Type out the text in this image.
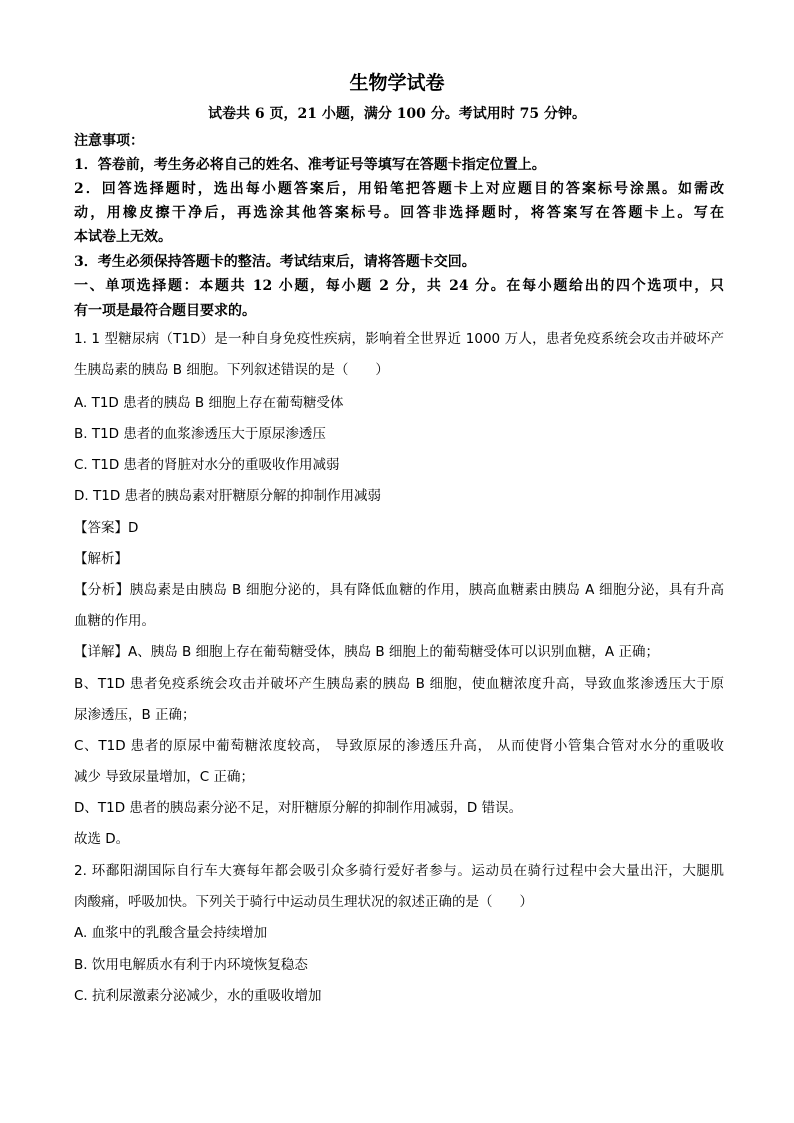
生物学试卷
试卷共 6 页，21 小题，满分 100 分。考试用时 75 分钟。
注意事项：
1．答卷前，考生务必将自己的姓名、准考证号等填写在答题卡指定位置上。
2．回答选择题时，选出每小题答案后，用铅笔把答题卡上对应题目的答案标号涂黑。如需改
动，用橡皮擦干净后，再选涂其他答案标号。回答非选择题时，将答案写在答题卡上。写在
本试卷上无效。
3．考生必须保持答题卡的整洁。考试结束后，请将答题卡交回。
一、单项选择题：本题共 12 小题，每小题 2 分，共 24 分。在每小题给出的四个选项中，只
有一项是最符合题目要求的。
1. 1 型糖尿病（T1D）是一种自身免疫性疾病，影响着全世界近 1000 万人，患者免疫系统会攻击并破坏产
生胰岛素的胰岛 B 细胞。下列叙述错误的是（　　）
A. T1D 患者的胰岛 B 细胞上存在葡萄糖受体
B. T1D 患者的血浆渗透压大于原尿渗透压
C. T1D 患者的肾脏对水分的重吸收作用减弱
D. T1D 患者的胰岛素对肝糖原分解的抑制作用减弱
【答案】D
【解析】
【分析】胰岛素是由胰岛 B 细胞分泌的，具有降低血糖的作用，胰高血糖素由胰岛 A 细胞分泌，具有升高
血糖的作用。
【详解】A、胰岛 B 细胞上存在葡萄糖受体，胰岛 B 细胞上的葡萄糖受体可以识别血糖，A 正确；
B、T1D 患者免疫系统会攻击并破坏产生胰岛素的胰岛 B 细胞，使血糖浓度升高，导致血浆渗透压大于原
尿渗透压，B 正确；
C、T1D 患者的原尿中葡萄糖浓度较高， 导致原尿的渗透压升高， 从而使肾小管集合管对水分的重吸收
减少 导致尿量增加，C 正确；
D、T1D 患者的胰岛素分泌不足，对肝糖原分解的抑制作用减弱，D 错误。
故选 D。
2. 环鄱阳湖国际自行车大赛每年都会吸引众多骑行爱好者参与。运动员在骑行过程中会大量出汗，大腿肌
肉酸痛，呼吸加快。下列关于骑行中运动员生理状况的叙述正确的是（　　）
A. 血浆中的乳酸含量会持续增加
B. 饮用电解质水有利于内环境恢复稳态
C. 抗利尿激素分泌减少，水的重吸收增加
